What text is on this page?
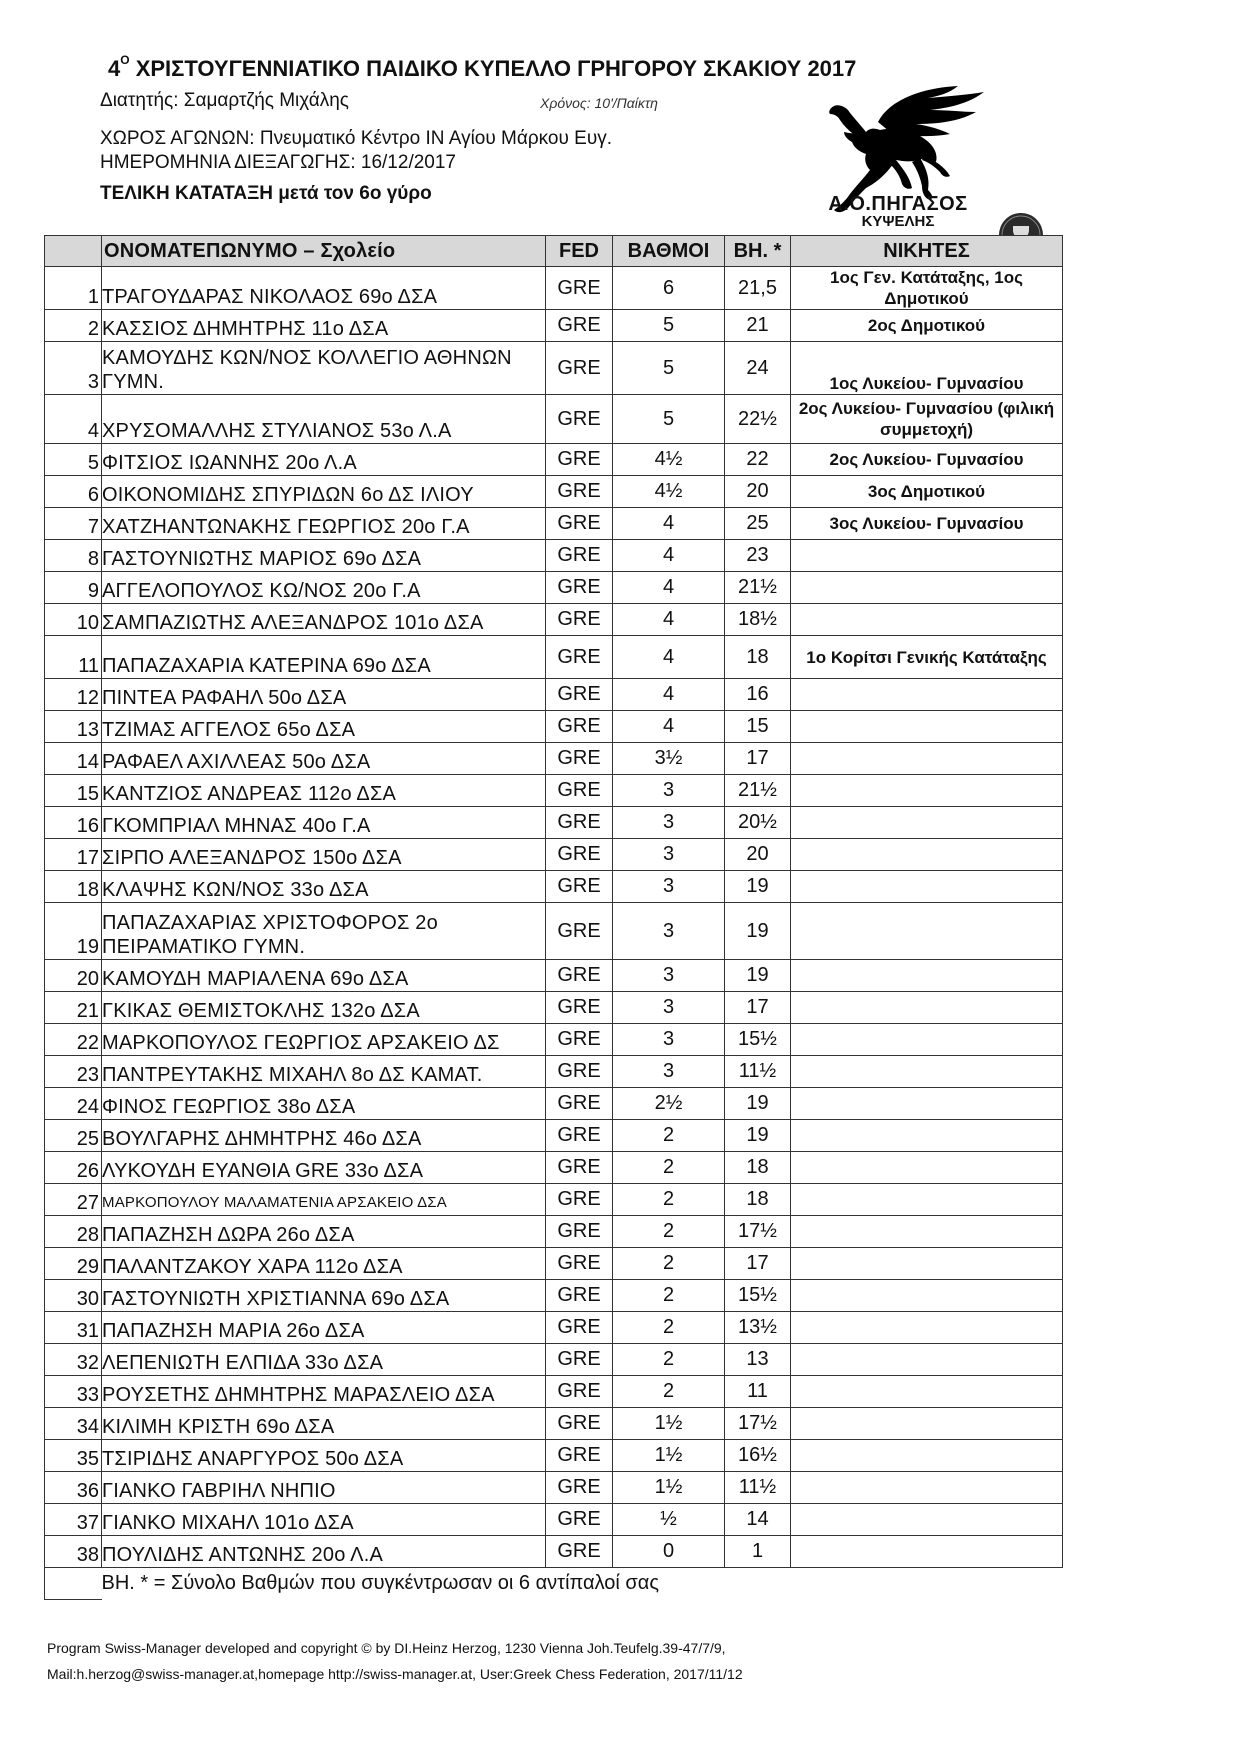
$4^O$ ΧΡΙΣΤΟΥΓΕΝΝΙΑΤΙΚΟ ΠΑΙΔΙΚΟ ΚΥΠΕΛΛΟ ΓΡΗΓΟΡΟΥ ΣΚΑΚΙΟΥ 2017
Διατητής: Σαμαρτζής Μιχάλης	Χρόνος: 10'/Παίκτη
ΧΩΡΟΣ ΑΓΩΝΩΝ: Πνευματικό Κέντρο ΙΝ Αγίου Μάρκου Ευγ.
ΗΜΕΡΟΜΗΝΙΑ ΔΙΕΞΑΓΩΓΗΣ: 16/12/2017
ΤΕΛΙΚΗ ΚΑΤΑΤΑΞΗ μετά τον 6ο γύρο	Α.Ο.ΠΗΓΑΣΟΣ
ΚΥΨΕΛΗΣ
	ΟΝΟΜΑΤΕΠΩΝΥΜΟ – Σχολείο	FED	ΒΑΘΜΟΙ	ΒΗ. *	ΝΙΚΗΤΕΣ
1	ΤΡΑΓΟΥΔΑΡΑΣ ΝΙΚΟΛΑΟΣ 69ο ΔΣΑ	GRE	6	21,5	1ος Γεν. Κατάταξης, 1ος Δημοτικού
2	ΚΑΣΣΙΟΣ ΔΗΜΗΤΡΗΣ 11ο ΔΣΑ	GRE	5	21	2ος Δημοτικού
3	ΚΑΜΟΥΔΗΣ ΚΩΝ/ΝΟΣ ΚΟΛΛΕΓΙΟ ΑΘΗΝΩΝ ΓΥΜΝ.	GRE	5	24	1ος Λυκείου- Γυμνασίου
4	ΧΡΥΣΟΜΑΛΛΗΣ ΣΤΥΛΙΑΝΟΣ 53ο Λ.Α	GRE	5	22½	2ος Λυκείου- Γυμνασίου (φιλική συμμετοχή)
5	ΦΙΤΣΙΟΣ ΙΩΑΝΝΗΣ 20ο Λ.Α	GRE	4½	22	2ος Λυκείου- Γυμνασίου
6	ΟΙΚΟΝΟΜΙΔΗΣ ΣΠΥΡΙΔΩΝ 6ο ΔΣ ΙΛΙΟΥ	GRE	4½	20	3ος Δημοτικού
7	ΧΑΤΖΗΑΝΤΩΝΑΚΗΣ ΓΕΩΡΓΙΟΣ 20ο Γ.Α	GRE	4	25	3ος Λυκείου- Γυμνασίου
8	ΓΑΣΤΟΥΝΙΩΤΗΣ ΜΑΡΙΟΣ 69ο ΔΣΑ	GRE	4	23	
9	ΑΓΓΕΛΟΠΟΥΛΟΣ ΚΩ/ΝΟΣ 20ο Γ.Α	GRE	4	21½	
10	ΣΑΜΠΑΖΙΩΤΗΣ ΑΛΕΞΑΝΔΡΟΣ 101ο ΔΣΑ	GRE	4	18½	
11	ΠΑΠΑΖΑΧΑΡΙΑ ΚΑΤΕΡΙΝΑ 69ο ΔΣΑ	GRE	4	18	1ο Κορίτσι Γενικής Κατάταξης
12	ΠΙΝΤΕΑ ΡΑΦΑΗΛ 50ο ΔΣΑ	GRE	4	16	
13	ΤΖΙΜΑΣ ΑΓΓΕΛΟΣ 65ο ΔΣΑ	GRE	4	15	
14	ΡΑΦΑΕΛ ΑΧΙΛΛΕΑΣ 50ο ΔΣΑ	GRE	3½	17	
15	ΚΑΝΤΖΙΟΣ ΑΝΔΡΕΑΣ 112ο ΔΣΑ	GRE	3	21½	
16	ΓΚΟΜΠΡΙΑΛ ΜΗΝΑΣ 40ο Γ.Α	GRE	3	20½	
17	ΣΙΡΠΟ ΑΛΕΞΑΝΔΡΟΣ 150ο ΔΣΑ	GRE	3	20	
18	ΚΛΑΨΗΣ ΚΩΝ/ΝΟΣ 33ο ΔΣΑ	GRE	3	19	
19	ΠΑΠΑΖΑΧΑΡΙΑΣ ΧΡΙΣΤΟΦΟΡΟΣ 2ο ΠΕΙΡΑΜΑΤΙΚΟ ΓΥΜΝ.	GRE	3	19	
20	ΚΑΜΟΥΔΗ ΜΑΡΙΑΛΕΝΑ 69ο ΔΣΑ	GRE	3	19	
21	ΓΚΙΚΑΣ ΘΕΜΙΣΤΟΚΛΗΣ 132ο ΔΣΑ	GRE	3	17	
22	ΜΑΡΚΟΠΟΥΛΟΣ ΓΕΩΡΓΙΟΣ ΑΡΣΑΚΕΙΟ ΔΣ	GRE	3	15½	
23	ΠΑΝΤΡΕΥΤΑΚΗΣ ΜΙΧΑΗΛ 8ο ΔΣ ΚΑΜΑΤ.	GRE	3	11½	
24	ΦΙΝΟΣ ΓΕΩΡΓΙΟΣ 38ο ΔΣΑ	GRE	2½	19	
25	ΒΟΥΛΓΑΡΗΣ ΔΗΜΗΤΡΗΣ 46ο ΔΣΑ	GRE	2	19	
26	ΛΥΚΟΥΔΗ ΕΥΑΝΘΙΑ GRE 33ο ΔΣΑ	GRE	2	18	
27	ΜΑΡΚΟΠΟΥΛΟΥ ΜΑΛΑΜΑΤΕΝΙΑ ΑΡΣΑΚΕΙΟ ΔΣΑ	GRE	2	18	
28	ΠΑΠΑΖΗΣΗ ΔΩΡΑ 26ο ΔΣΑ	GRE	2	17½	
29	ΠΑΛΑΝΤΖΑΚΟΥ ΧΑΡΑ 112ο ΔΣΑ	GRE	2	17	
30	ΓΑΣΤΟΥΝΙΩΤΗ ΧΡΙΣΤΙΑΝΝΑ 69ο ΔΣΑ	GRE	2	15½	
31	ΠΑΠΑΖΗΣΗ ΜΑΡΙΑ 26ο ΔΣΑ	GRE	2	13½	
32	ΛΕΠΕΝΙΩΤΗ ΕΛΠΙΔΑ 33ο ΔΣΑ	GRE	2	13	
33	ΡΟΥΣΕΤΗΣ ΔΗΜΗΤΡΗΣ ΜΑΡΑΣΛΕΙΟ ΔΣΑ	GRE	2	11	
34	ΚΙΛΙΜΗ ΚΡΙΣΤΗ 69ο ΔΣΑ	GRE	1½	17½	
35	ΤΣΙΡΙΔΗΣ ΑΝΑΡΓΥΡΟΣ 50ο ΔΣΑ	GRE	1½	16½	
36	ΓΙΑΝΚΟ ΓΑΒΡΙΗΛ ΝΗΠΙΟ	GRE	1½	11½	
37	ΓΙΑΝΚΟ ΜΙΧΑΗΛ 101ο ΔΣΑ	GRE	½	14	
38	ΠΟΥΛΙΔΗΣ ΑΝΤΩΝΗΣ 20ο Λ.Α	GRE	0	1	
	ΒΗ. * = Σύνολο Βαθμών που συγκέντρωσαν οι 6 αντίπαλοί σας				
Program Swiss-Manager developed and copyright © by DI.Heinz Herzog, 1230 Vienna Joh.Teufelg.39-47/7/9,
Mail:h.herzog@swiss-manager.at,homepage http://swiss-manager.at, User:Greek Chess Federation, 2017/11/12
